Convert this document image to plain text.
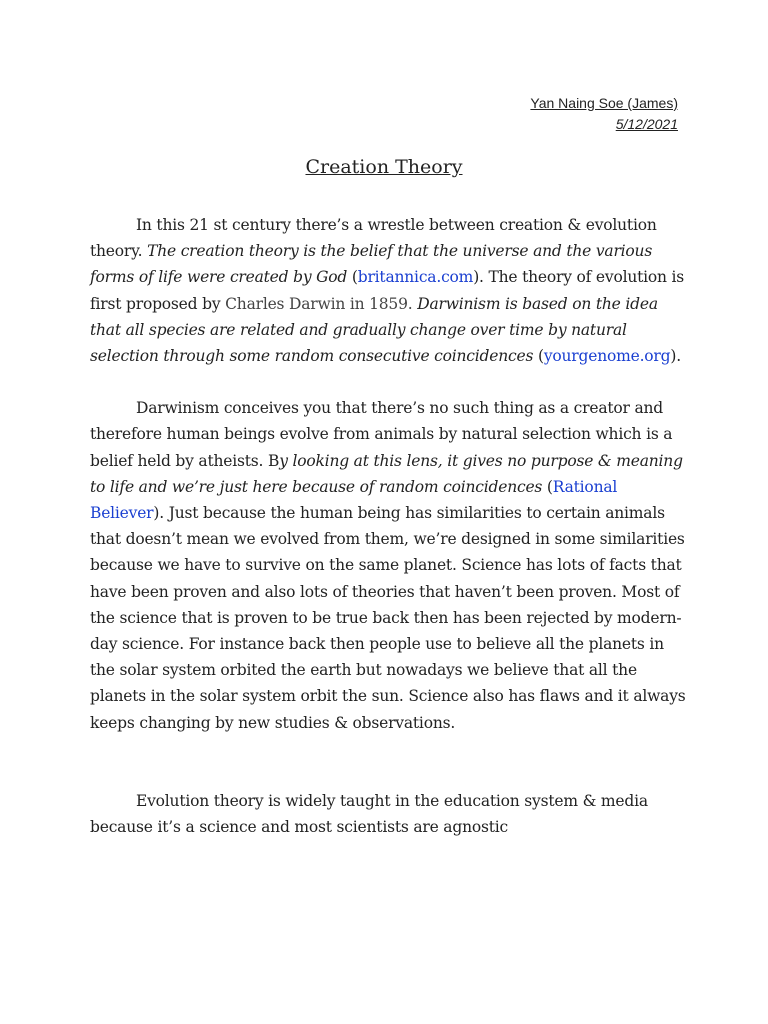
Yan Naing Soe (James)
5/12/2021
Creation Theory

In this 21 st century there’s a wrestle between creation & evolution theory. The creation theory is the belief that the universe and the various forms of life were created by God (britannica.com). The theory of evolution is first proposed by Charles Darwin in 1859. Darwinism is based on the idea that all species are related and gradually change over time by natural selection through some random consecutive coincidences (yourgenome.org).

Darwinism conceives you that there’s no such thing as a creator and therefore human beings evolve from animals by natural selection which is a belief held by atheists. By looking at this lens, it gives no purpose & meaning to life and we’re just here because of random coincidences (Rational Believer). Just because the human being has similarities to certain animals that doesn’t mean we evolved from them, we’re designed in some similarities because we have to survive on the same planet. Science has lots of facts that have been proven and also lots of theories that haven’t been proven. Most of the science that is proven to be true back then has been rejected by modern-day science. For instance back then people use to believe all the planets in the solar system orbited the earth but nowadays we believe that all the planets in the solar system orbit the sun. Science also has flaws and it always keeps changing by new studies & observations.

Evolution theory is widely taught in the education system & media because it’s a science and most scientists are agnostic
